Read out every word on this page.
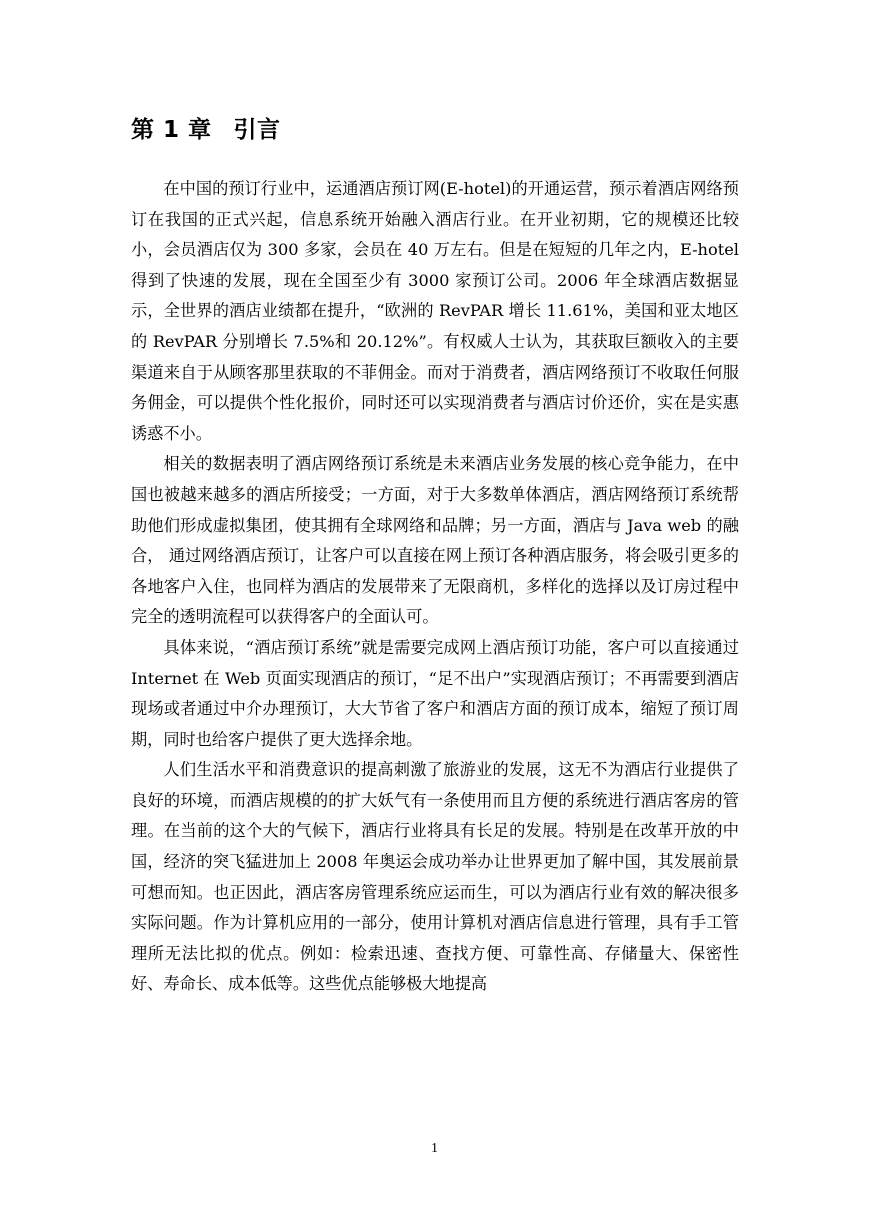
第 1 章 引言

在中国的预订行业中，运通酒店预订网(E-hotel)的开通运营，预示着酒店网络预订在我国的正式兴起，信息系统开始融入酒店行业。在开业初期，它的规模还比较小，会员酒店仅为 300 多家，会员在 40 万左右。但是在短短的几年之内，E-hotel 得到了快速的发展，现在全国至少有 3000 家预订公司。2006 年全球酒店数据显示，全世界的酒店业绩都在提升，“欧洲的 RevPAR 增长 11.61%，美国和亚太地区的 RevPAR 分别增长 7.5%和 20.12%”。有权威人士认为，其获取巨额收入的主要渠道来自于从顾客那里获取的不菲佣金。而对于消费者，酒店网络预订不收取任何服务佣金，可以提供个性化报价，同时还可以实现消费者与酒店讨价还价，实在是实惠诱惑不小。

相关的数据表明了酒店网络预订系统是未来酒店业务发展的核心竞争能力，在中国也被越来越多的酒店所接受；一方面，对于大多数单体酒店，酒店网络预订系统帮助他们形成虚拟集团，使其拥有全球网络和品牌；另一方面，酒店与 Java web 的融合， 通过网络酒店预订，让客户可以直接在网上预订各种酒店服务，将会吸引更多的各地客户入住，也同样为酒店的发展带来了无限商机，多样化的选择以及订房过程中完全的透明流程可以获得客户的全面认可。

具体来说，“酒店预订系统”就是需要完成网上酒店预订功能，客户可以直接通过 Internet 在 Web 页面实现酒店的预订，“足不出户”实现酒店预订；不再需要到酒店现场或者通过中介办理预订，大大节省了客户和酒店方面的预订成本，缩短了预订周期，同时也给客户提供了更大选择余地。

人们生活水平和消费意识的提高刺激了旅游业的发展，这无不为酒店行业提供了良好的环境，而酒店规模的的扩大妖气有一条使用而且方便的系统进行酒店客房的管理。在当前的这个大的气候下，酒店行业将具有长足的发展。特别是在改革开放的中国，经济的突飞猛进加上 2008 年奥运会成功举办让世界更加了解中国，其发展前景可想而知。也正因此，酒店客房管理系统应运而生，可以为酒店行业有效的解决很多实际问题。作为计算机应用的一部分，使用计算机对酒店信息进行管理，具有手工管理所无法比拟的优点。例如：检索迅速、查找方便、可靠性高、存储量大、保密性好、寿命长、成本低等。这些优点能够极大地提高

1
